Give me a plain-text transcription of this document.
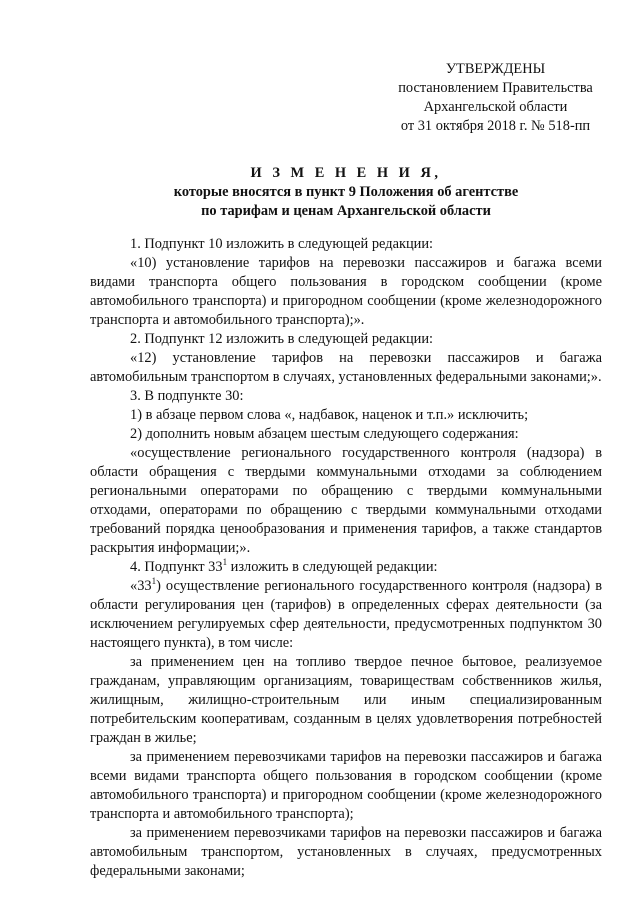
УТВЕРЖДЕНЫ
постановлением Правительства
Архангельской области
от 31 октября 2018 г. № 518-пп
И З М Е Н Е Н И Я,
которые вносятся в пункт 9 Положения об агентстве
по тарифам и ценам Архангельской области

1. Подпункт 10 изложить в следующей редакции:

«10) установление тарифов на перевозки пассажиров и багажа всеми видами транспорта общего пользования в городском сообщении (кроме автомобильного транспорта) и пригородном сообщении (кроме железнодорожного транспорта и автомобильного транспорта);».

2. Подпункт 12 изложить в следующей редакции:

«12) установление тарифов на перевозки пассажиров и багажа автомобильным транспортом в случаях, установленных федеральными законами;».

3. В подпункте 30:

1) в абзаце первом слова «, надбавок, наценок и т.п.» исключить;

2) дополнить новым абзацем шестым следующего содержания:

«осуществление регионального государственного контроля (надзора) в области обращения с твердыми коммунальными отходами за соблюдением региональными операторами по обращению с твердыми коммунальными отходами, операторами по обращению с твердыми коммунальными отходами требований порядка ценообразования и применения тарифов, а также стандартов раскрытия информации;».

4. Подпункт $33^1$ изложить в следующей редакции:

«$33^1$) осуществление регионального государственного контроля (надзора) в области регулирования цен (тарифов) в определенных сферах деятельности (за исключением регулируемых сфер деятельности, предусмотренных подпунктом 30 настоящего пункта), в том числе:

за применением цен на топливо твердое печное бытовое, реализуемое гражданам, управляющим организациям, товариществам собственников жилья, жилищным, жилищно-строительным или иным специализированным потребительским кооперативам, созданным в целях удовлетворения потребностей граждан в жилье;

за применением перевозчиками тарифов на перевозки пассажиров и багажа всеми видами транспорта общего пользования в городском сообщении (кроме автомобильного транспорта) и пригородном сообщении (кроме железнодорожного транспорта и автомобильного транспорта);

за применением перевозчиками тарифов на перевозки пассажиров и багажа автомобильным транспортом, установленных в случаях, предусмотренных федеральными законами;
